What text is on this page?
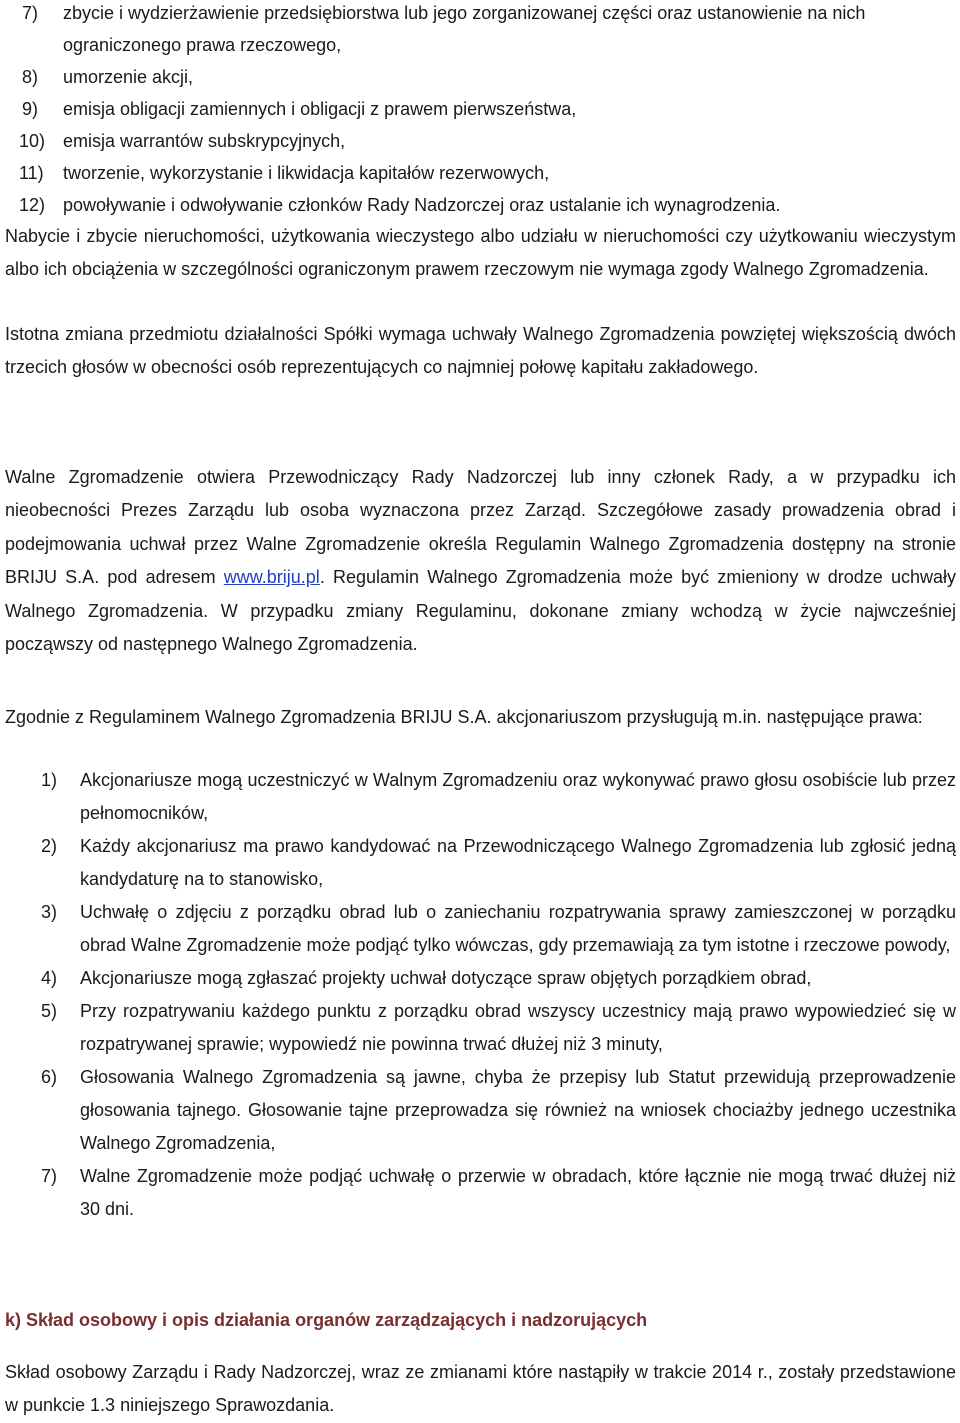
7) zbycie i wydzierżawienie przedsiębiorstwa lub jego zorganizowanej części oraz ustanowienie na nich ograniczonego prawa rzeczowego,
8) umorzenie akcji,
9) emisja obligacji zamiennych i obligacji z prawem pierwszeństwa,
10) emisja warrantów subskrypcyjnych,
11) tworzenie, wykorzystanie i likwidacja kapitałów rezerwowych,
12) powoływanie i odwoływanie członków Rady Nadzorczej oraz ustalanie ich wynagrodzenia.
Nabycie i zbycie nieruchomości, użytkowania wieczystego albo udziału w nieruchomości czy użytkowaniu wieczystym albo ich obciążenia w szczególności ograniczonym prawem rzeczowym nie wymaga zgody Walnego Zgromadzenia.
Istotna zmiana przedmiotu działalności Spółki wymaga uchwały Walnego Zgromadzenia powziętej większością dwóch trzecich głosów w obecności osób reprezentujących co najmniej połowę kapitału zakładowego.
Walne Zgromadzenie otwiera Przewodniczący Rady Nadzorczej lub inny członek Rady, a w przypadku ich nieobecności Prezes Zarządu lub osoba wyznaczona przez Zarząd. Szczegółowe zasady prowadzenia obrad i podejmowania uchwał przez Walne Zgromadzenie określa Regulamin Walnego Zgromadzenia dostępny na stronie BRIJU S.A. pod adresem www.briju.pl. Regulamin Walnego Zgromadzenia może być zmieniony w drodze uchwały Walnego Zgromadzenia. W przypadku zmiany Regulaminu, dokonane zmiany wchodzą w życie najwcześniej począwszy od następnego Walnego Zgromadzenia.
Zgodnie z Regulaminem Walnego Zgromadzenia BRIJU S.A. akcjonariuszom przysługują m.in. następujące prawa:
1) Akcjonariusze mogą uczestniczyć w Walnym Zgromadzeniu oraz wykonywać prawo głosu osobiście lub przez pełnomocników,
2) Każdy akcjonariusz ma prawo kandydować na Przewodniczącego Walnego Zgromadzenia lub zgłosić jedną kandydaturę na to stanowisko,
3) Uchwałę o zdjęciu z porządku obrad lub o zaniechaniu rozpatrywania sprawy zamieszczonej w porządku obrad Walne Zgromadzenie może podjąć tylko wówczas, gdy przemawiają za tym istotne i rzeczowe powody,
4) Akcjonariusze mogą zgłaszać projekty uchwał dotyczące spraw objętych porządkiem obrad,
5) Przy rozpatrywaniu każdego punktu z porządku obrad wszyscy uczestnicy mają prawo wypowiedzieć się w rozpatrywanej sprawie; wypowiedź nie powinna trwać dłużej niż 3 minuty,
6) Głosowania Walnego Zgromadzenia są jawne, chyba że przepisy lub Statut przewidują przeprowadzenie głosowania tajnego. Głosowanie tajne przeprowadza się również na wniosek chociażby jednego uczestnika Walnego Zgromadzenia,
7) Walne Zgromadzenie może podjąć uchwałę o przerwie w obradach, które łącznie nie mogą trwać dłużej niż 30 dni.
k) Skład osobowy i opis działania organów zarządzających i nadzorujących
Skład osobowy Zarządu i Rady Nadzorczej, wraz ze zmianami które nastąpiły w trakcie 2014 r., zostały przedstawione w punkcie 1.3 niniejszego Sprawozdania.
